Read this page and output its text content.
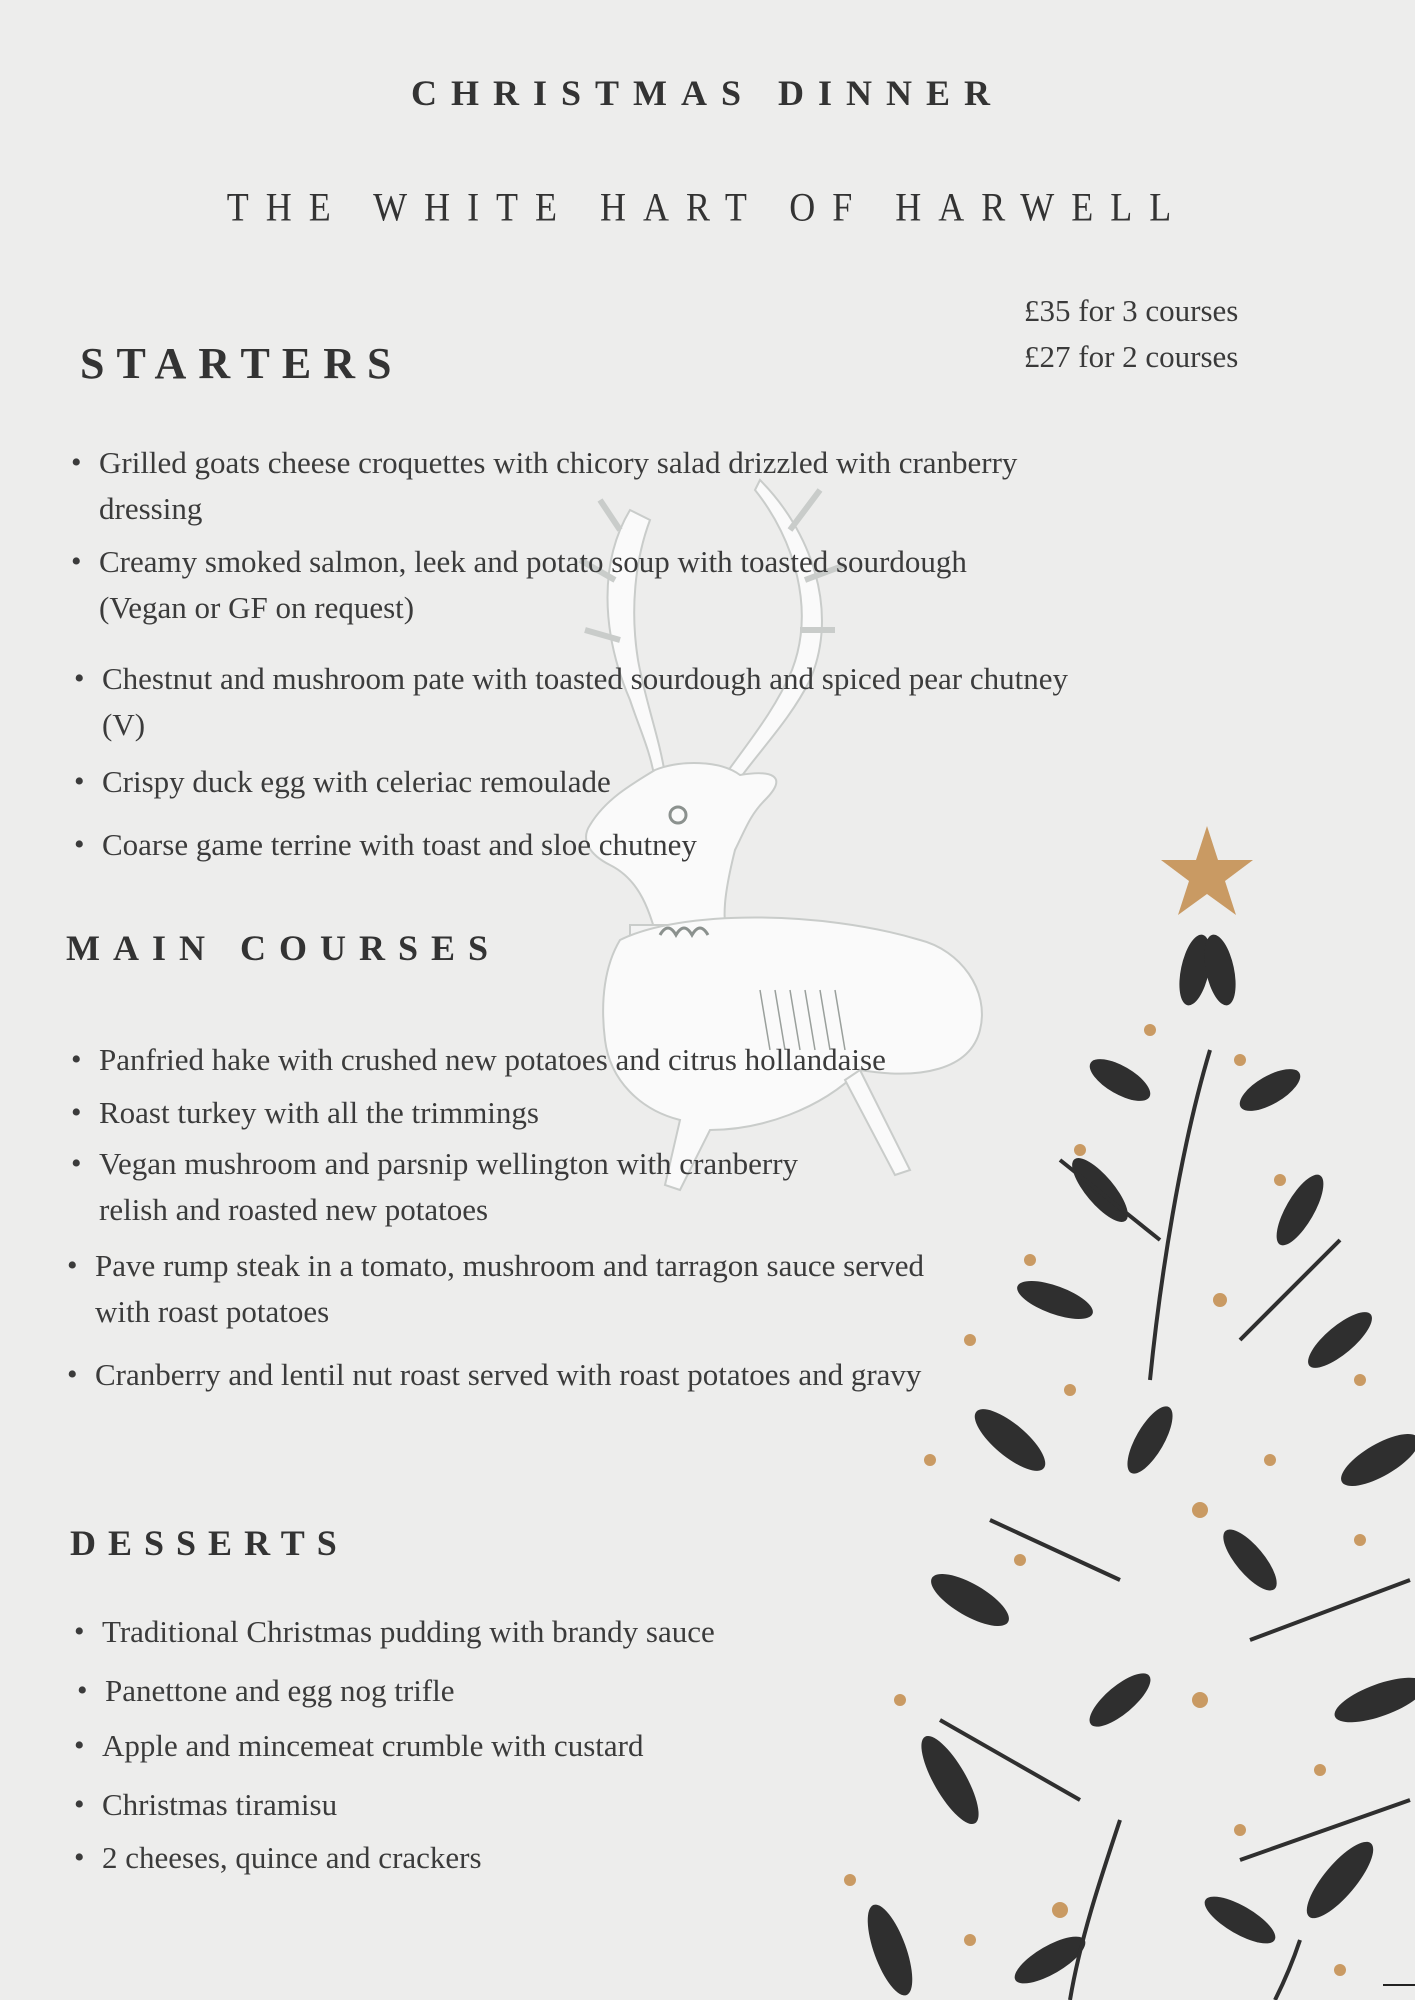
CHRISTMAS DINNER
THE WHITE HART OF HARWELL
£35 for 3 courses
£27 for 2 courses
STARTERS
• Grilled goats cheese croquettes with chicory salad drizzled with cranberry dressing
• Creamy smoked salmon, leek and potato soup with toasted sourdough (Vegan or GF on request)
• Chestnut and mushroom pate with toasted sourdough and spiced pear chutney (V)
• Crispy duck egg with celeriac remoulade
• Coarse game terrine with toast and sloe chutney
MAIN COURSES
• Panfried hake with crushed new potatoes and citrus hollandaise
• Roast turkey with all the trimmings
• Vegan mushroom and parsnip wellington with cranberry relish and roasted new potatoes
• Pave rump steak in a tomato, mushroom and tarragon sauce served with roast potatoes
• Cranberry and lentil nut roast served with roast potatoes and gravy
DESSERTS
• Traditional Christmas pudding with brandy sauce
• Panettone and egg nog trifle
• Apple and mincemeat crumble with custard
• Christmas tiramisu
• 2 cheeses, quince and crackers
